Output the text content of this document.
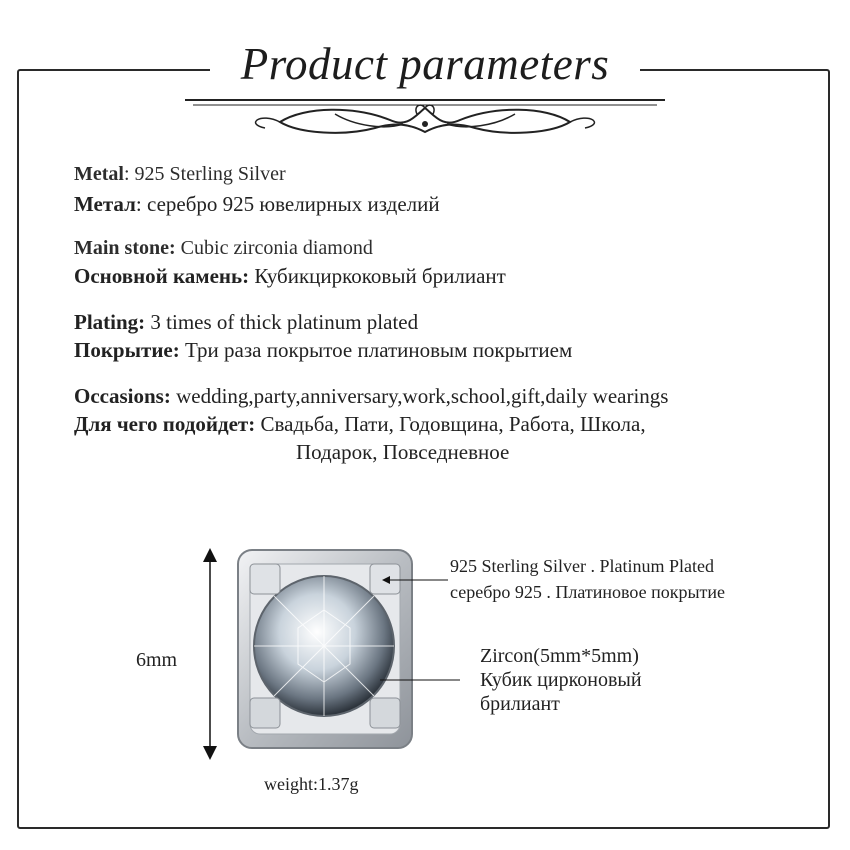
Product parameters
Metal: 925 Sterling Silver
Метал: серебро 925 ювелирных изделий
Main stone: Cubic zirconia diamond
Основной камень: Кубикциркоковый брилиант
Plating: 3 times of thick platinum plated
Покрытие: Три раза покрытое платиновым покрытием
Occasions: wedding,party,anniversary,work,school,gift,daily wearings
Для чего подойдет: Свадьба, Пати, Годовщина, Работа, Школа,
Подарок, Повседневное
6mm
925 Sterling Silver . Platinum Plated
серебро 925 . Платиновое покрытие
Zircon(5mm*5mm)
Кубик цирконовый
брилиант
weight:1.37g
